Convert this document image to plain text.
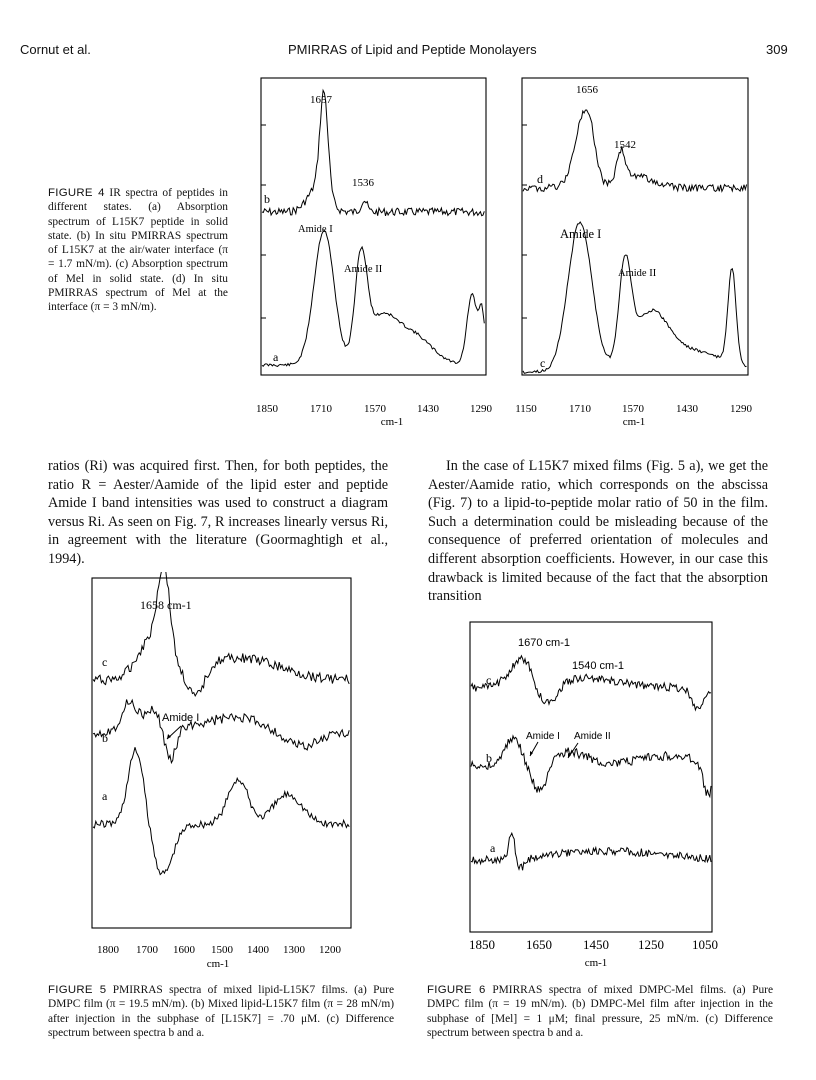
Cornut et al.	PMIRRAS of Lipid and Peptide Monolayers	309
FIGURE 4 IR spectra of peptides in different states. (a) Absorption spectrum of L15K7 peptide in solid state. (b) In situ PMIRRAS spectrum of L15K7 at the air/water interface (π = 1.7 mN/m). (c) Absorption spectrum of Mel in solid state. (d) In situ PMIRRAS spectrum of Mel at the interface (π = 3 mN/m).
1657
1536
Amide I
Amide II
b
a
1656
1542
Amide I
Amide II
d
c
1850	1710	1570	1430	1290 1150
cm-1
1710	1570	1430	1290
cm-1
ratios (Ri) was acquired first. Then, for both peptides, the ratio R = Aester/Aamide of the lipid ester and peptide Amide I band intensities was used to construct a diagram versus Ri. As seen on Fig. 7, R increases linearly versus Ri, in agreement with the literature (Goormaghtigh et al., 1994).
In the case of L15K7 mixed films (Fig. 5 a), we get the Aester/Aamide ratio, which corresponds on the abscissa (Fig. 7) to a lipid-to-peptide molar ratio of 50 in the film. Such a determination could be misleading because of the consequence of preferred orientation of molecules and different absorption coefficients. However, in our case this drawback is limited because of the fact that the absorption transition
1658 cm-1
Amide I
c
b
a
1800 1700 1600 1500 1400 1300 1200
cm-1
1670 cm-1
1540 cm-1
Amide I Amide II
c
b
a
1850 1650 1450 1250 1050
cm-1
FIGURE 5 PMIRRAS spectra of mixed lipid-L15K7 films. (a) Pure DMPC film (π = 19.5 mN/m). (b) Mixed lipid-L15K7 film (π = 28 mN/m) after injection in the subphase of [L15K7] = .70 μM. (c) Difference spectrum between spectra b and a.
FIGURE 6 PMIRRAS spectra of mixed DMPC-Mel films. (a) Pure DMPC film (π = 19 mN/m). (b) DMPC-Mel film after injection in the subphase of [Mel] = 1 μM; final pressure, 25 mN/m. (c) Difference spectrum between spectra b and a.
